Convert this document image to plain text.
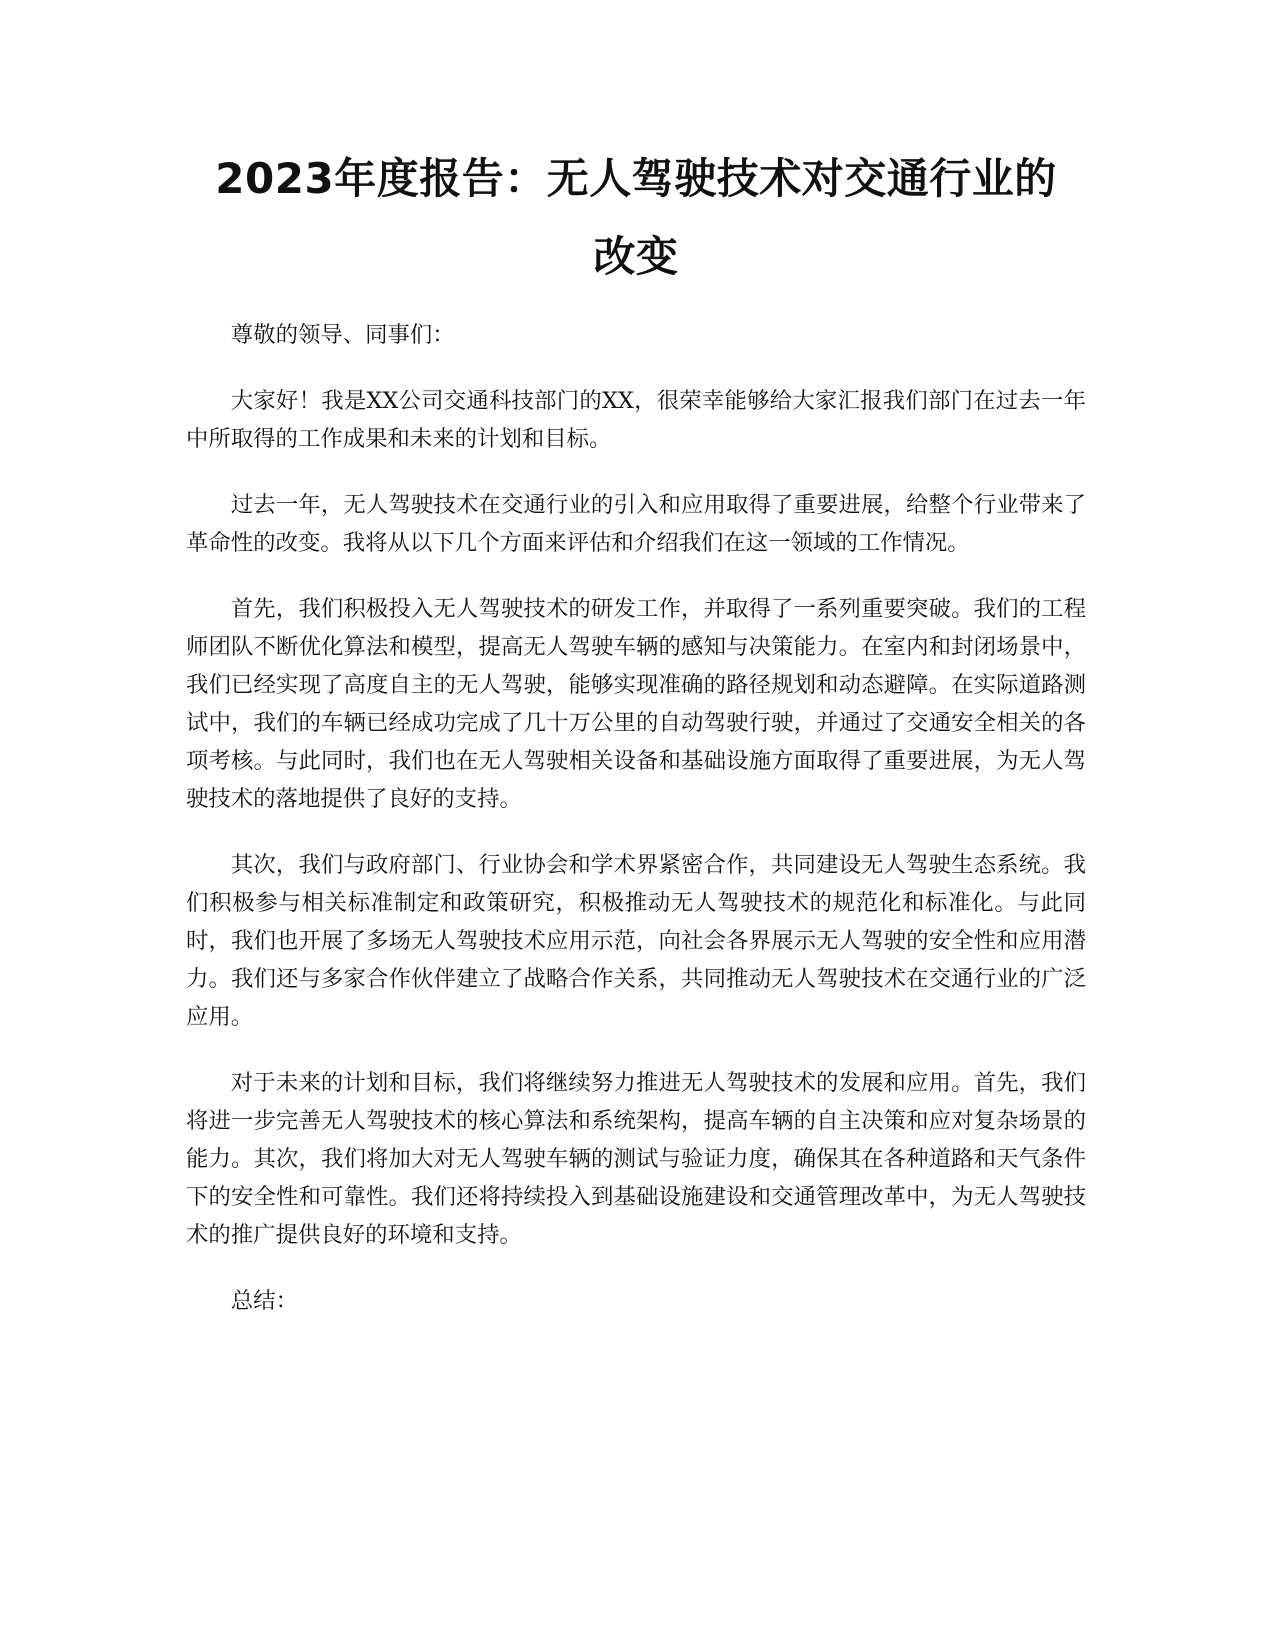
2023年度报告：无人驾驶技术对交通行业的
改变

尊敬的领导、同事们：

大家好！我是XX公司交通科技部门的XX，很荣幸能够给大家汇报我们部门在过去一年中所取得的工作成果和未来的计划和目标。

过去一年，无人驾驶技术在交通行业的引入和应用取得了重要进展，给整个行业带来了革命性的改变。我将从以下几个方面来评估和介绍我们在这一领域的工作情况。

首先，我们积极投入无人驾驶技术的研发工作，并取得了一系列重要突破。我们的工程师团队不断优化算法和模型，提高无人驾驶车辆的感知与决策能力。在室内和封闭场景中，我们已经实现了高度自主的无人驾驶，能够实现准确的路径规划和动态避障。在实际道路测试中，我们的车辆已经成功完成了几十万公里的自动驾驶行驶，并通过了交通安全相关的各项考核。与此同时，我们也在无人驾驶相关设备和基础设施方面取得了重要进展，为无人驾驶技术的落地提供了良好的支持。

其次，我们与政府部门、行业协会和学术界紧密合作，共同建设无人驾驶生态系统。我们积极参与相关标准制定和政策研究，积极推动无人驾驶技术的规范化和标准化。与此同时，我们也开展了多场无人驾驶技术应用示范，向社会各界展示无人驾驶的安全性和应用潜力。我们还与多家合作伙伴建立了战略合作关系，共同推动无人驾驶技术在交通行业的广泛应用。

对于未来的计划和目标，我们将继续努力推进无人驾驶技术的发展和应用。首先，我们将进一步完善无人驾驶技术的核心算法和系统架构，提高车辆的自主决策和应对复杂场景的能力。其次，我们将加大对无人驾驶车辆的测试与验证力度，确保其在各种道路和天气条件下的安全性和可靠性。我们还将持续投入到基础设施建设和交通管理改革中，为无人驾驶技术的推广提供良好的环境和支持。

总结：
